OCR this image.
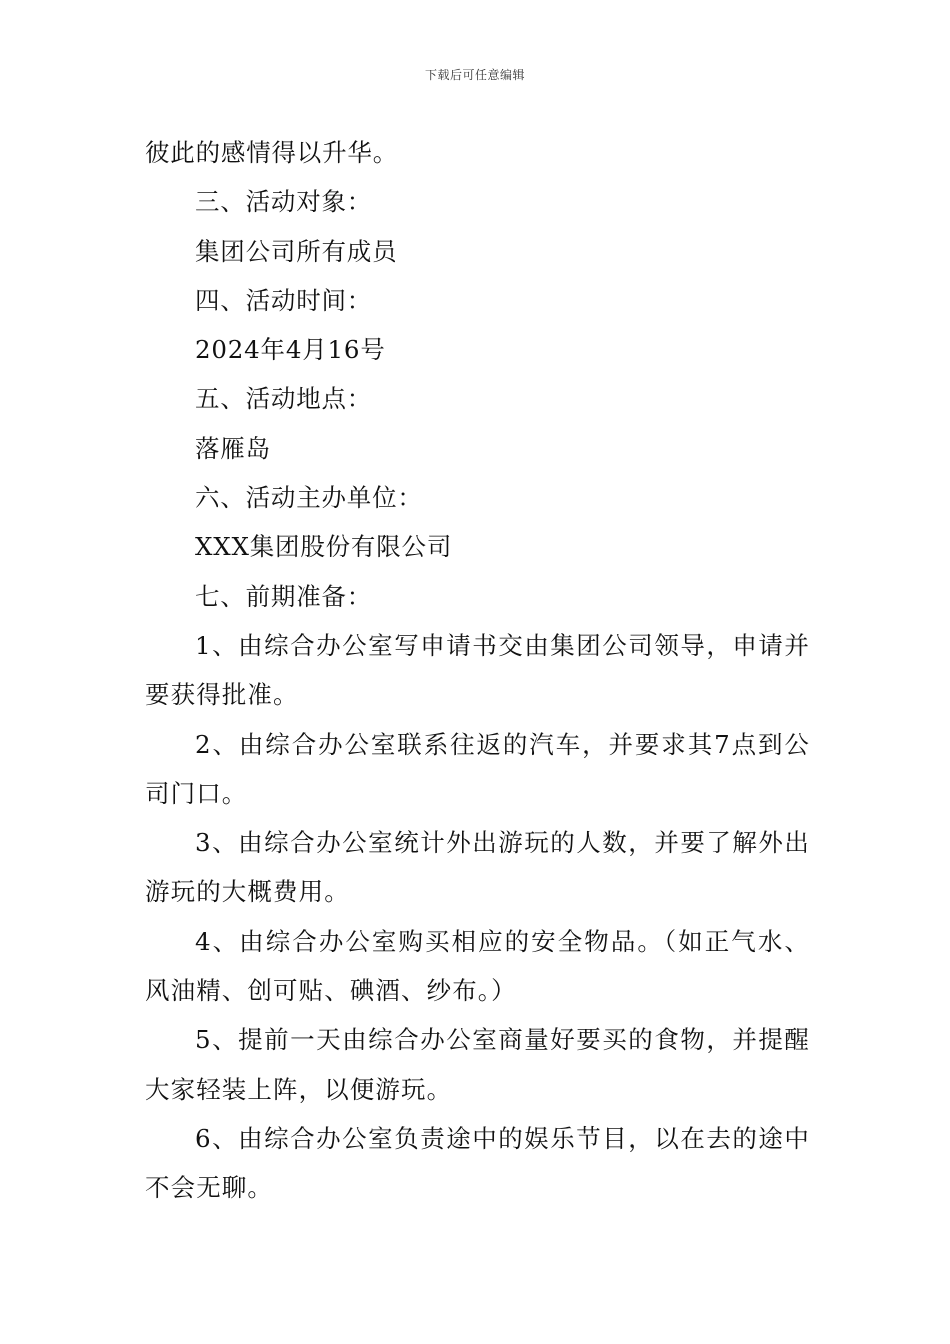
下载后可任意编辑
彼此的感情得以升华。
三、活动对象：
集团公司所有成员
四、活动时间：
2024年4月16号
五、活动地点：
落雁岛
六、活动主办单位：
XXX集团股份有限公司
七、前期准备：
1、由综合办公室写申请书交由集团公司领导，申请并要获得批准。
2、由综合办公室联系往返的汽车，并要求其7点到公司门口。
3、由综合办公室统计外出游玩的人数，并要了解外出游玩的大概费用。
4、由综合办公室购买相应的安全物品。（如正气水、风油精、创可贴、碘酒、纱布。）
5、提前一天由综合办公室商量好要买的食物，并提醒大家轻装上阵，以便游玩。
6、由综合办公室负责途中的娱乐节目，以在去的途中不会无聊。
